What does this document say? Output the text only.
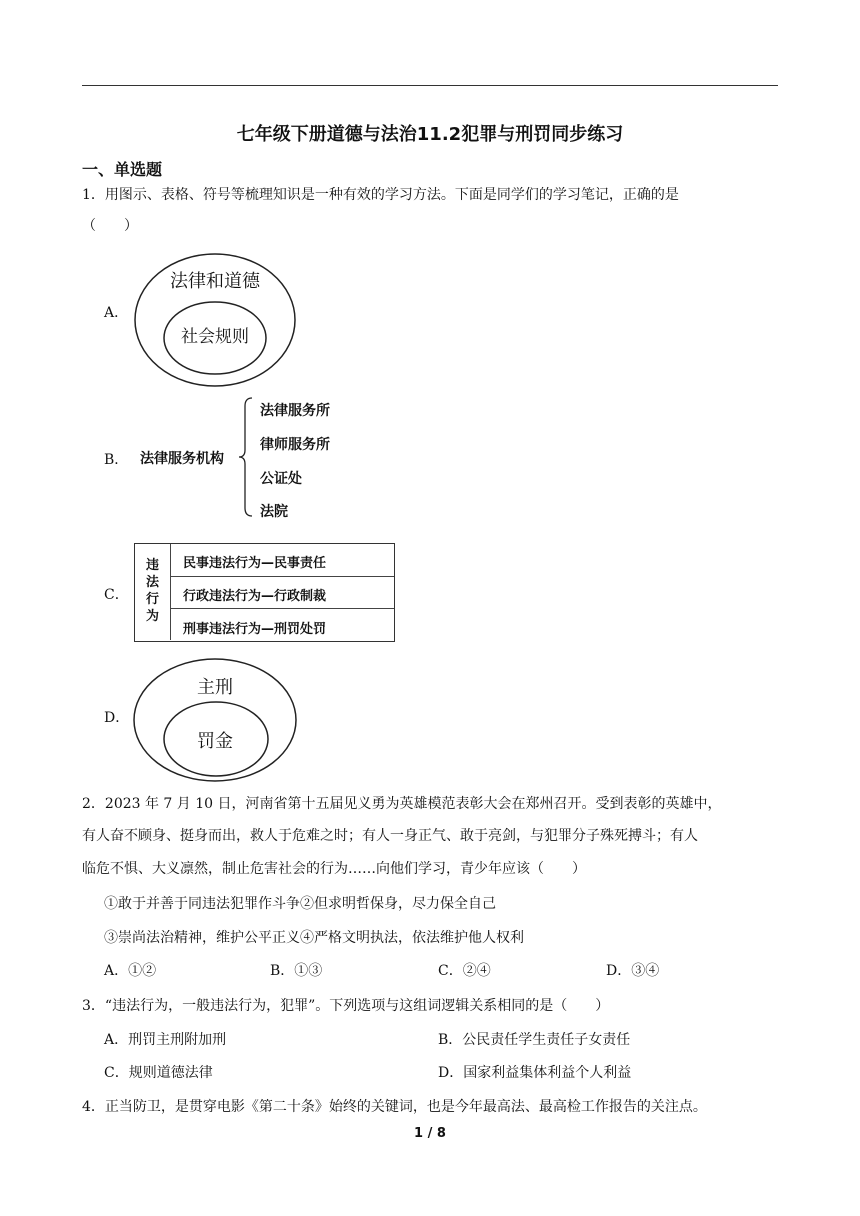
七年级下册道德与法治11.2犯罪与刑罚同步练习
一、单选题
1．用图示、表格、符号等梳理知识是一种有效的学习方法。下面是同学们的学习笔记，正确的是
（　　）
A．
法律和道德
社会规则
B． 法律服务机构
法律服务所
律师服务所
公证处
法院
C．
违
法
行
为
民事违法行为—民事责任
行政违法行为—行政制裁
刑事违法行为—刑罚处罚
D．
主刑
罚金
2．2023 年 7 月 10 日，河南省第十五届见义勇为英雄模范表彰大会在郑州召开。受到表彰的英雄中，
有人奋不顾身、挺身而出，救人于危难之时；有人一身正气、敢于亮剑，与犯罪分子殊死搏斗；有人
临危不惧、大义凛然，制止危害社会的行为……向他们学习，青少年应该（　　）
①敢于并善于同违法犯罪作斗争②但求明哲保身，尽力保全自己
③崇尚法治精神，维护公平正义④严格文明执法，依法维护他人权利
A．①②	B．①③	C．②④	D．③④
3．“违法行为，一般违法行为，犯罪”。下列选项与这组词逻辑关系相同的是（　　）
A．刑罚主刑附加刑	B．公民责任学生责任子女责任
C．规则道德法律	D．国家利益集体利益个人利益
4．正当防卫，是贯穿电影《第二十条》始终的关键词，也是今年最高法、最高检工作报告的关注点。
1 / 8
